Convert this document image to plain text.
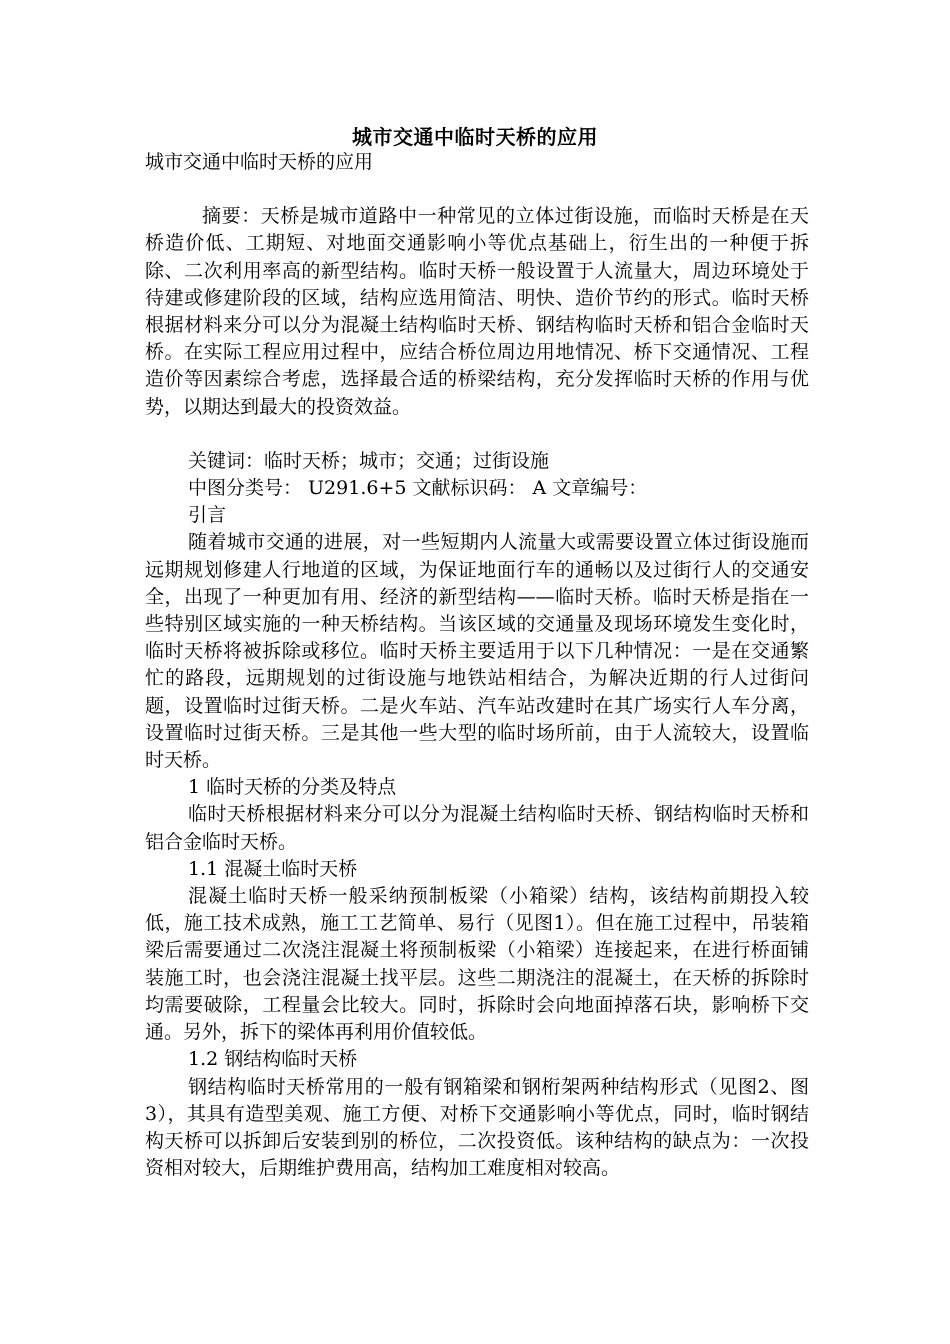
城市交通中临时天桥的应用

城市交通中临时天桥的应用

摘要：天桥是城市道路中一种常见的立体过街设施，而临时天桥是在天桥造价低、工期短、对地面交通影响小等优点基础上，衍生出的一种便于拆除、二次利用率高的新型结构。临时天桥一般设置于人流量大，周边环境处于待建或修建阶段的区域，结构应选用简洁、明快、造价节约的形式。临时天桥根据材料来分可以分为混凝土结构临时天桥、钢结构临时天桥和铝合金临时天桥。在实际工程应用过程中，应结合桥位周边用地情况、桥下交通情况、工程造价等因素综合考虑，选择最合适的桥梁结构，充分发挥临时天桥的作用与优势，以期达到最大的投资效益。

关键词：临时天桥；城市；交通；过街设施

中图分类号： U291.6+5 文献标识码： A 文章编号：

引言

随着城市交通的进展，对一些短期内人流量大或需要设置立体过街设施而远期规划修建人行地道的区域，为保证地面行车的通畅以及过街行人的交通安全，出现了一种更加有用、经济的新型结构——临时天桥。临时天桥是指在一些特别区域实施的一种天桥结构。当该区域的交通量及现场环境发生变化时，临时天桥将被拆除或移位。临时天桥主要适用于以下几种情况：一是在交通繁忙的路段，远期规划的过街设施与地铁站相结合，为解决近期的行人过街问题，设置临时过街天桥。二是火车站、汽车站改建时在其广场实行人车分离，设置临时过街天桥。三是其他一些大型的临时场所前，由于人流较大，设置临时天桥。

1 临时天桥的分类及特点

临时天桥根据材料来分可以分为混凝土结构临时天桥、钢结构临时天桥和铝合金临时天桥。

1.1 混凝土临时天桥

混凝土临时天桥一般采纳预制板梁（小箱梁）结构，该结构前期投入较低，施工技术成熟，施工工艺简单、易行（见图1）。但在施工过程中，吊装箱梁后需要通过二次浇注混凝土将预制板梁（小箱梁）连接起来，在进行桥面铺装施工时，也会浇注混凝土找平层。这些二期浇注的混凝土，在天桥的拆除时均需要破除，工程量会比较大。同时，拆除时会向地面掉落石块，影响桥下交通。另外，拆下的梁体再利用价值较低。

1.2 钢结构临时天桥

钢结构临时天桥常用的一般有钢箱梁和钢桁架两种结构形式（见图2、图3），其具有造型美观、施工方便、对桥下交通影响小等优点，同时，临时钢结构天桥可以拆卸后安装到别的桥位，二次投资低。该种结构的缺点为：一次投资相对较大，后期维护费用高，结构加工难度相对较高。
